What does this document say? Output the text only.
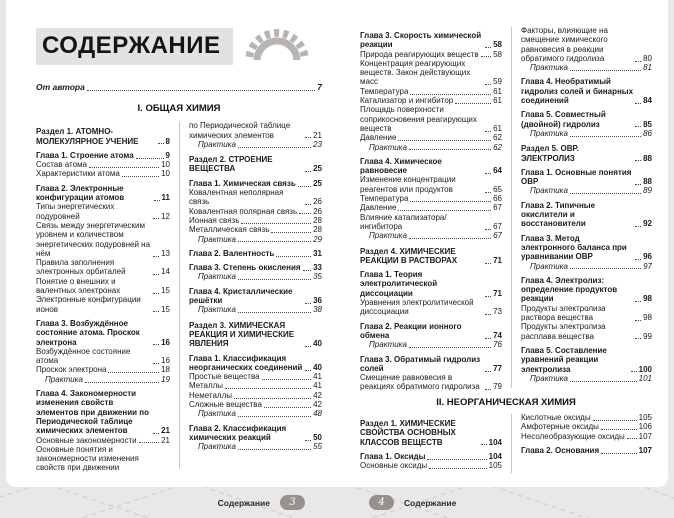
СОДЕРЖАНИЕ
От автора	7
I. ОБЩАЯ ХИМИЯ
Раздел 1. АТОМНО-МОЛЕКУЛЯРНОЕ УЧЕНИЕ	8
Глава 1. Строение атома	9
Состав атома	10
Характеристики атома	10
Глава 2. Электронные конфигурации атомов	11
Типы энергетических подуровней	12
Связь между энергетическим уровнем и количеством энергетических подуровней на нём	13
Правила заполнения электронных орбиталей	14
Понятие о внешних и валентных электронах	15
Электронные конфигурации ионов	15
Глава 3. Возбуждённое состояние атома. Проскок электрона	16
Возбуждённое состояние атома	16
Проскок электрона	18
Практика	19
Глава 4. Закономерности изменения свойств элементов при движении по Периодической таблице химических элементов	21
Основные закономерности	21
Основные понятия и закономерности изменения свойств при движении
по Периодической таблице химических элементов	21
Практика	23
Раздел 2. СТРОЕНИЕ ВЕЩЕСТВА	25
Глава 1. Химическая связь 25
Ковалентная неполярная связь	26
Ковалентная полярная связь 26
Ионная связь	28
Металлическая связь	28
Практика	29
Глава 2. Валентность	31
Глава 3. Степень окисления 33
Практика	35
Глава 4. Кристаллические решётки	36
Практика	38
Раздел 3. ХИМИЧЕСКАЯ РЕАКЦИЯ И ХИМИЧЕСКИЕ ЯВЛЕНИЯ	40
Глава 1. Классификация неорганических соединений 40
Простые вещества	41
Металлы	41
Неметаллы	42
Сложные вещества	42
Практика	48
Глава 2. Классификация химических реакций	50
Практика	55
Глава 3. Скорость химической реакции	58
Природа реагирующих веществ 58
Концентрация реагирующих веществ. Закон действующих масс	59
Температура	61
Катализатор и ингибитор	61
Площадь поверхности соприкосновения реагирующих веществ	61
Давление	62
Практика	62
Глава 4. Химическое равновесие	64
Изменение концентрации реагентов или продуктов	65
Температура	66
Давление	67
Влияние катализатора/ ингибитора	67
Практика	67
Раздел 4. ХИМИЧЕСКИЕ РЕАКЦИИ В РАСТВОРАХ	71
Глава 1. Теория электролитической диссоциации	71
Уравнения электролитической диссоциации	73
Глава 2. Реакции ионного обмена	74
Практика	76
Глава 3. Обратимый гидролиз солей	77
Смещение равновесия в реакциях обратимого гидролиза	79
Факторы, влияющие на смещение химического равновесия в реакции обратимого гидролиза	80
Практика	81
Глава 4. Необратимый гидролиз солей и бинарных соединений	84
Глава 5. Совместный (двойной) гидролиз	85
Практика	86
Раздел 5. ОВР. ЭЛЕКТРОЛИЗ	88
Глава 1. Основные понятия ОВР	88
Практика	89
Глава 2. Типичные окислители и восстановители	92
Глава 3. Метод электронного баланса при уравнивании ОВР	96
Практика	97
Глава 4. Электролиз: определение продуктов реакции	98
Продукты электролиза раствора вещества	98
Продукты электролиза расплава вещества	99
Глава 5. Составление уравнений реакции электролиза	100
Практика	101
II. НЕОРГАНИЧЕСКАЯ ХИМИЯ
Раздел 1. ХИМИЧЕСКИЕ СВОЙСТВА ОСНОВНЫХ КЛАССОВ ВЕЩЕСТВ	104
Глава 1. Оксиды	104
Основные оксиды	105
Кислотные оксиды	105
Амфотерные оксиды	106
Несолеобразующие оксиды 107
Глава 2. Основания	107
Содержание	3	4	Содержание
